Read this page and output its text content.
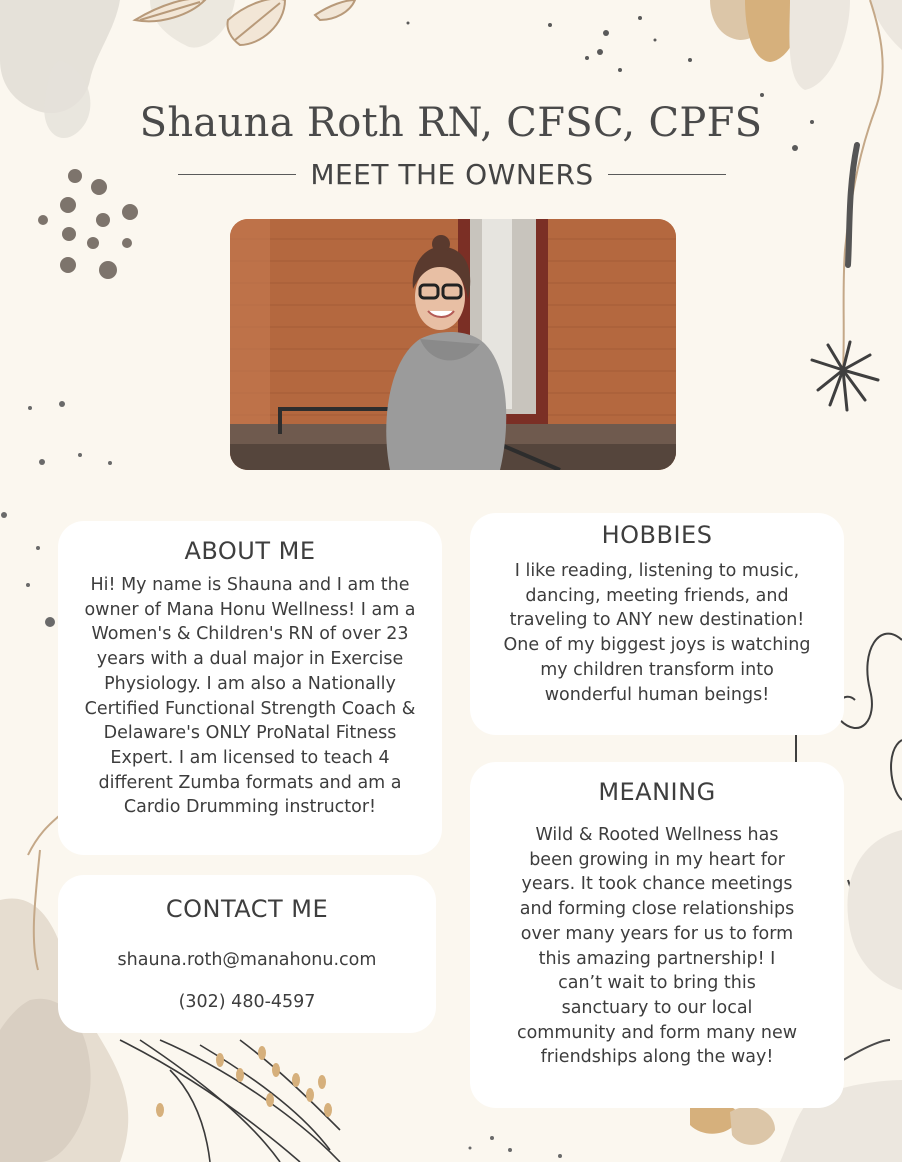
Shauna Roth RN, CFSC, CPFS
MEET THE OWNERS
ABOUT ME

Hi! My name is Shauna and I am the owner of Mana Honu Wellness! I am a Women's & Children's RN of over 23 years with a dual major in Exercise Physiology. I am also a Nationally Certified Functional Strength Coach & Delaware's ONLY ProNatal Fitness Expert. I am licensed to teach 4 different Zumba formats and am a Cardio Drumming instructor!

HOBBIES

I like reading, listening to music, dancing, meeting friends, and traveling to ANY new destination! One of my biggest joys is watching my children transform into wonderful human beings!

MEANING

Wild & Rooted Wellness has been growing in my heart for years. It took chance meetings and forming close relationships over many years for us to form this amazing partnership! I can’t wait to bring this sanctuary to our local community and form many new friendships along the way!

CONTACT ME

shauna.roth@manahonu.com

(302) 480-4597
